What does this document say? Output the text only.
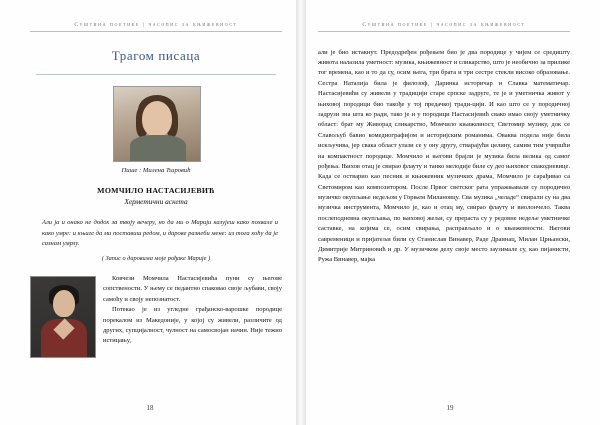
Суштина поетике | часопис за књижевност
Трагом писаца
Пише : Милена Ћировић
МОМЧИЛО НАСТАСИЈЕВИЋ
Херметични аскета
Али ја и онако не додох за твоју вечеру, но да ми о Марији казујеш како похвале и како умре: и књиге да ми поставиш редом, и дарове разнеби мене: из тога хоћу да је сазнам умрлу.
( Запис о даровима моје рођаке Марије )

Ковчези Момчила Настасијевића пуни су његове сопствености. У њему се педантно спаковао своје љубави, своју самоћу и своју непознатост.

Потекао је из угледне грађанско-варошке породице порекалом из Македоније, у којој су живели, различите од других, супцијалност, чулност на самосвојан начин. Није тежио истицању,

18
Суштина поетике | часопис за књижевност

али је био истакнут. Предодређен рођењем био је два породице у чијем се средишту живота налазила уметност: музика, књижевност и сликарство, што је необично за прилике тог времена, као и то да су, осим њега, три брата и три сестре стекли високо образовање. Сестра Наталија била је филозоф, Даринка историчар и Славка математичар. Настасијевићи су живели у традицији старе српске задруге, те је и уметничка живот у њиховој породици био такође у тој предачкој тради-цији. И као што се у породичној задрузи зна шта ко ради, тако је и у породици Настасијевић свако имао своју уметничку област: брат му Живорад сликарство, Момчило књижевност, Светомир музику, док се Славољуб бавио комедиографијом и историјским романима. Оваква подела није била искључива, јер свака област улази се у ону другу, стварајући целину, самим тим учвршћи на компактност породице. Момчило и његови брајли је музика била велика од самог рођења. Њихов отац је свирао флауту и танко мелодије биле су део њиховог свакодневице. Када се остварио као песник и књижевник музичких драма, Момчило је сарађивао са Светомиром као композитором. После Првог светског рата упражњавали су породично музичко окупљање недељом у Горњем Милановцу. Сва музика „челаде“ свирали су на два музичка инструмента, Момчило је, као и отац му, свирао флауту и виолончело. Таква послеподневна окупљања, по њиховој жељи, су прераста су у редовне недеље уметничке саставке, на којима се, осим свирања, расправљало и о књижевности. Његови савременици и пријатељи били су Станислав Винавер, Раде Драинац, Милан Црњански, Димитрије Митриновић и др. У музичком делу своје место заузимале су, као пијанисти, Ружа Винавер, мајка

19
